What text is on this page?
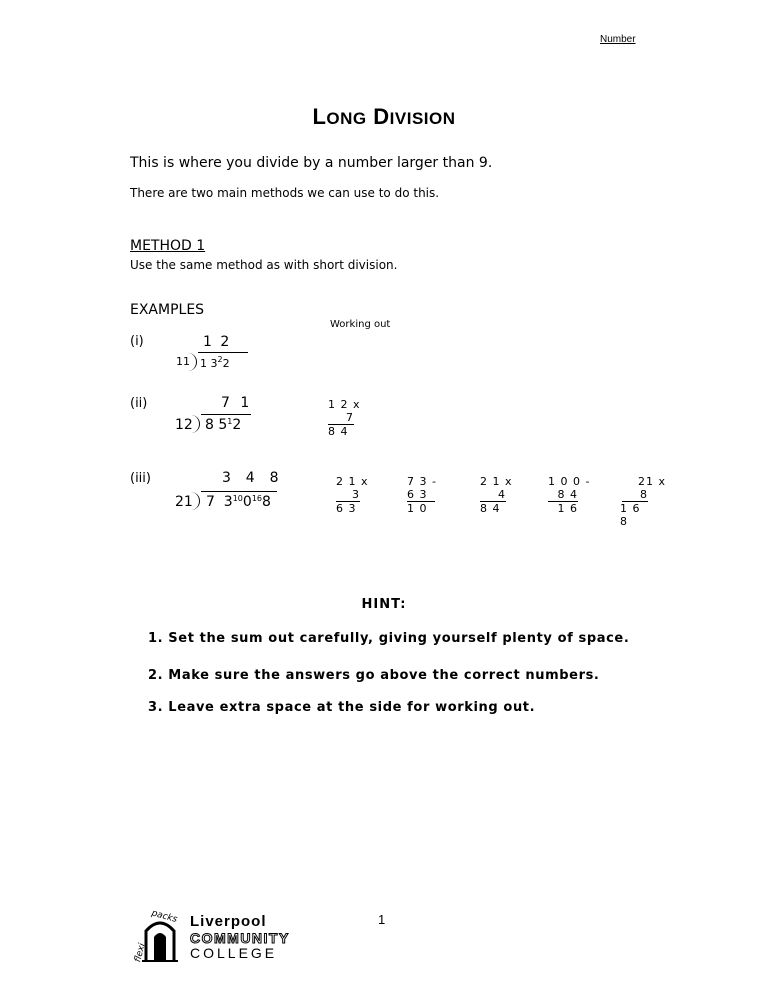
Number
LONG DIVISION
This is where you divide by a number larger than 9.
There are two main methods we can use to do this.
METHOD 1
Use the same method as with short division.
EXAMPLES
Working out
(i)	1 2
11 1 $3^22$
(ii)	7 1
12 8 $5^12$
1 2 x
7
8 4
(iii)	3  4  8
21 7  $3^{10}0^{16}8$
2 1 x
3
6 3
7 3 -
6 3
1 0
2 1 x
4
8 4
1 0 0 -
8 4
1 6
21 x
8
1 6 8
HINT:
1. Set the sum out carefully, giving yourself plenty of space.
2. Make sure the answers go above the correct numbers.
3. Leave extra space at the side for working out.
flexi
packs Liverpool
COMMUNITY
COLLEGE
1
